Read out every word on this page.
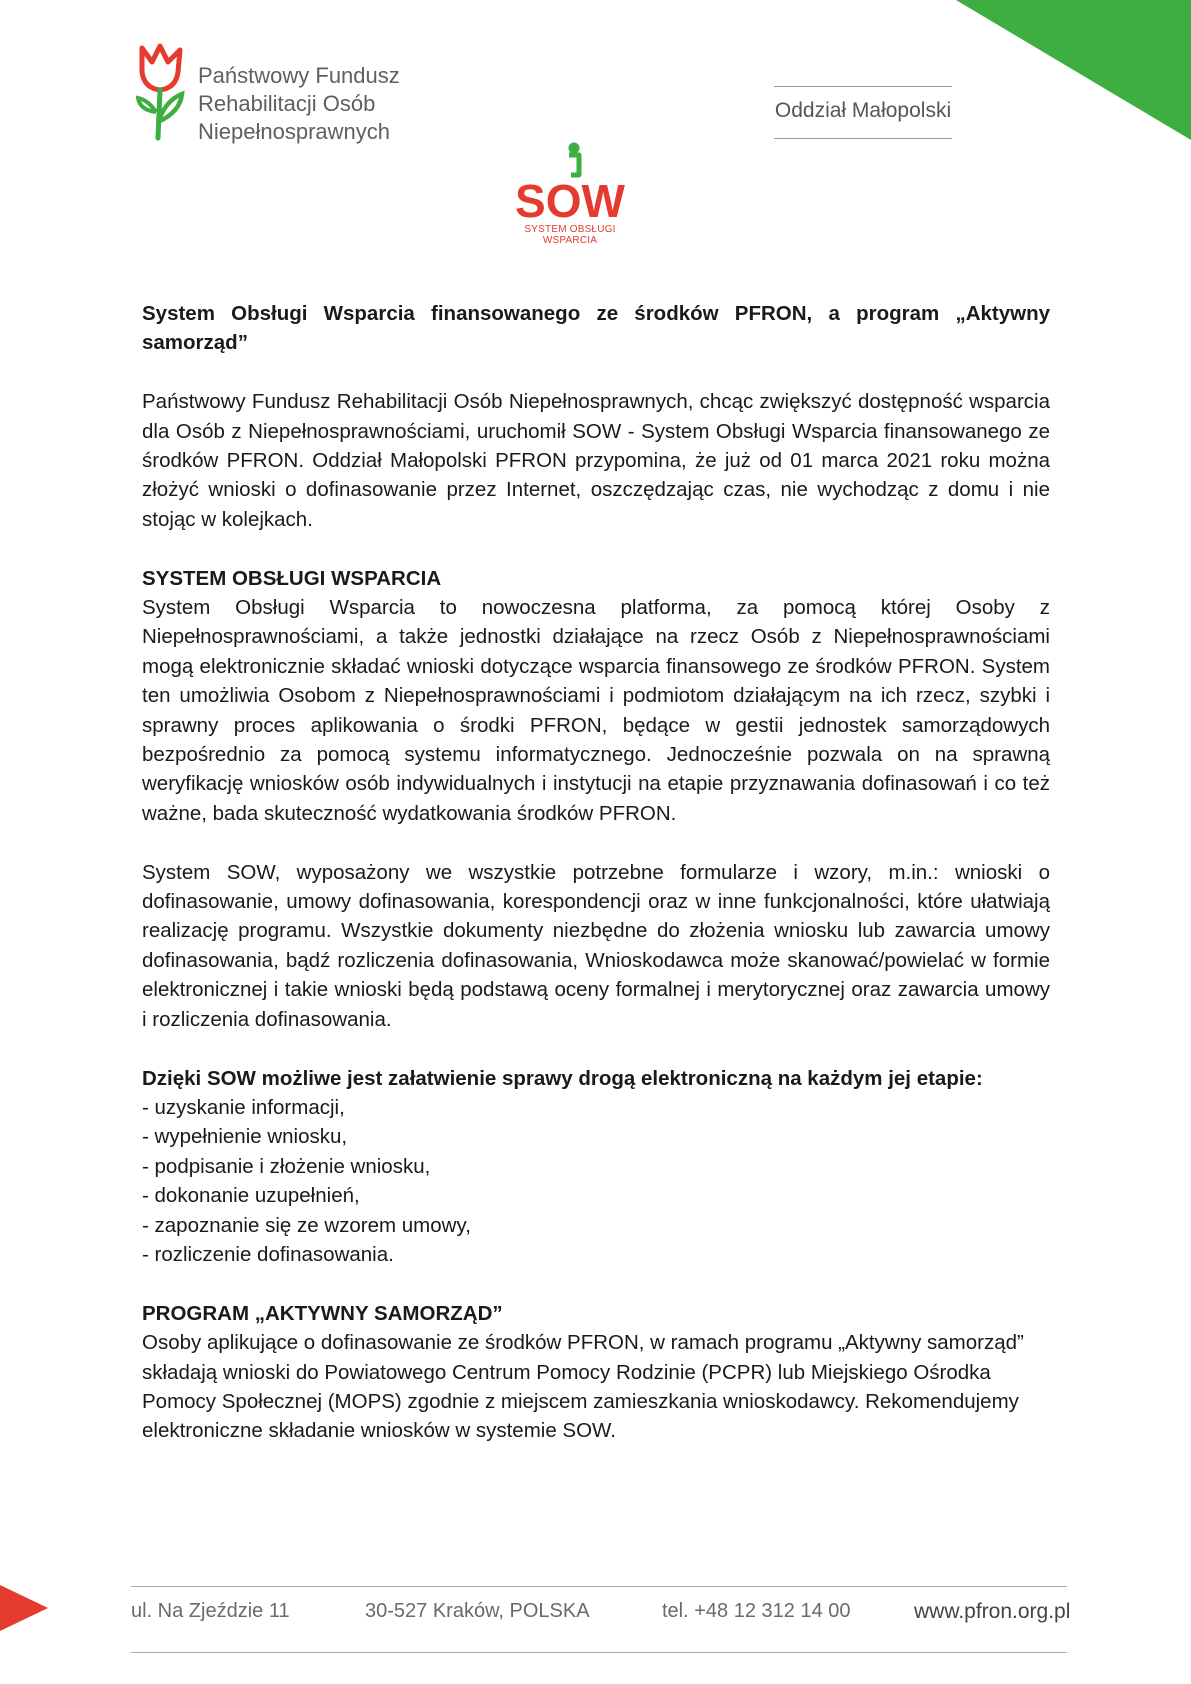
Państwowy Fundusz
Rehabilitacji Osób
Niepełnosprawnych
Oddział Małopolski
SOW
SYSTEM OBSŁUGI
WSPARCIA

System Obsługi Wsparcia finansowanego ze środków PFRON, a program „Aktywny samorząd”

Państwowy Fundusz Rehabilitacji Osób Niepełnosprawnych, chcąc zwiększyć dostępność wsparcia dla Osób z Niepełnosprawnościami, uruchomił SOW - System Obsługi Wsparcia finansowanego ze środków PFRON. Oddział Małopolski PFRON przypomina, że już od 01 marca 2021 roku można złożyć wnioski o dofinasowanie przez Internet, oszczędzając czas, nie wychodząc z domu i nie stojąc w kolejkach.

SYSTEM OBSŁUGI WSPARCIA

System Obsługi Wsparcia to nowoczesna platforma, za pomocą której Osoby z Niepełnosprawnościami, a także jednostki działające na rzecz Osób z Niepełnosprawnościami mogą elektronicznie składać wnioski dotyczące wsparcia finansowego ze środków PFRON. System ten umożliwia Osobom z Niepełnosprawnościami i podmiotom działającym na ich rzecz, szybki i sprawny proces aplikowania o środki PFRON, będące w gestii jednostek samorządowych bezpośrednio za pomocą systemu informatycznego. Jednocześnie pozwala on na sprawną weryfikację wniosków osób indywidualnych i instytucji na etapie przyznawania dofinasowań i co też ważne, bada skuteczność wydatkowania środków PFRON.

System SOW, wyposażony we wszystkie potrzebne formularze i wzory, m.in.: wnioski o dofinasowanie, umowy dofinasowania, korespondencji oraz w inne funkcjonalności, które ułatwiają realizację programu. Wszystkie dokumenty niezbędne do złożenia wniosku lub zawarcia umowy dofinasowania, bądź rozliczenia dofinasowania, Wnioskodawca może skanować/powielać w formie elektronicznej i takie wnioski będą podstawą oceny formalnej i merytorycznej oraz zawarcia umowy i rozliczenia dofinasowania.

Dzięki SOW możliwe jest załatwienie sprawy drogą elektroniczną na każdym jej etapie:

- uzyskanie informacji,

- wypełnienie wniosku,

- podpisanie i złożenie wniosku,

- dokonanie uzupełnień,

- zapoznanie się ze wzorem umowy,

- rozliczenie dofinasowania.

PROGRAM „AKTYWNY SAMORZĄD”

Osoby aplikujące o dofinasowanie ze środków PFRON, w ramach programu „Aktywny samorząd” składają wnioski do Powiatowego Centrum Pomocy Rodzinie (PCPR) lub Miejskiego Ośrodka Pomocy Społecznej (MOPS) zgodnie z miejscem zamieszkania wnioskodawcy. Rekomendujemy elektroniczne składanie wniosków w systemie SOW.

ul. Na Zjeździe 11	30-527 Kraków, POLSKA	tel. +48 12 312 14 00	www.pfron.org.pl
